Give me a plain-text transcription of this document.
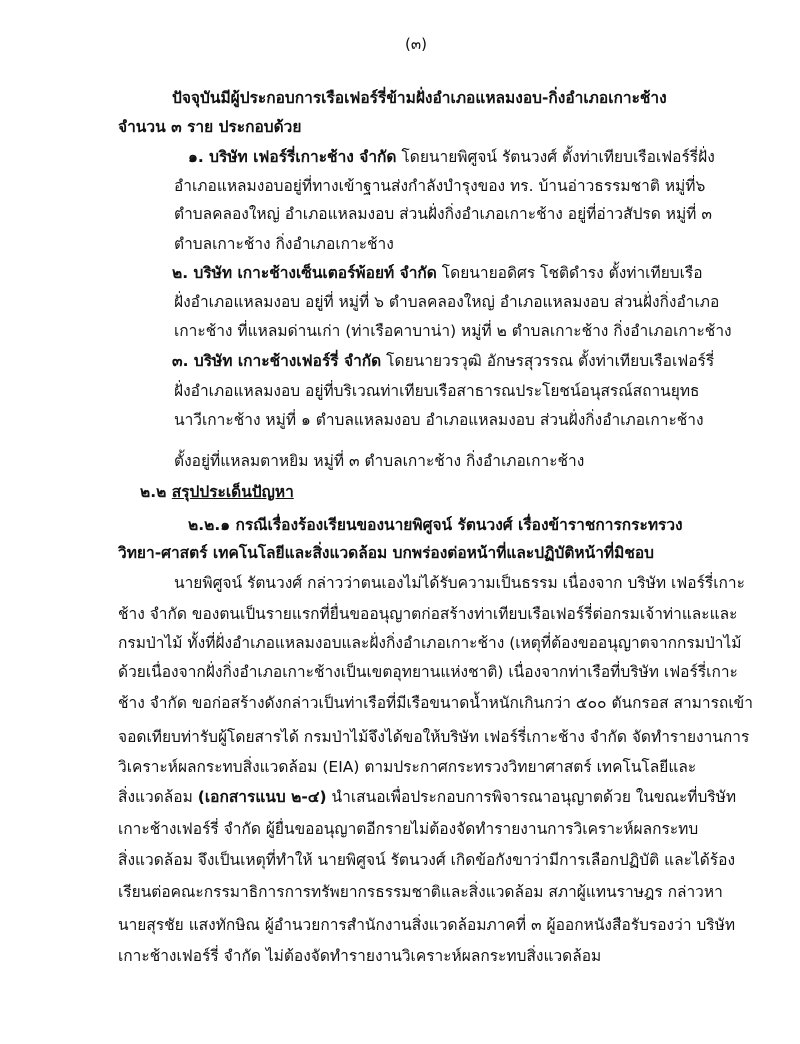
(๓)
ปัจจุบันมีผู้ประกอบการเรือเฟอร์รี่ข้ามฝั่งอำเภอแหลมงอบ-กิ่งอำเภอเกาะช้าง
จำนวน ๓ ราย ประกอบด้วย
๑. บริษัท เฟอร์รี่เกาะช้าง จำกัด โดยนายพิศูจน์ รัตนวงศ์ ตั้งท่าเทียบเรือเฟอร์รี่ฝั่ง
อำเภอแหลมงอบอยู่ที่ทางเข้าฐานส่งกำลังบำรุงของ ทร. บ้านอ่าวธรรมชาติ หมู่ที่๖
ตำบลคลองใหญ่ อำเภอแหลมงอบ ส่วนฝั่งกิ่งอำเภอเกาะช้าง อยู่ที่อ่าวสัปรด หมู่ที่ ๓
ตำบลเกาะช้าง กิ่งอำเภอเกาะช้าง
๒. บริษัท เกาะช้างเซ็นเตอร์พ้อยท์ จำกัด โดยนายอดิศร โชติดำรง ตั้งท่าเทียบเรือ
ฝั่งอำเภอแหลมงอบ อยู่ที่ หมู่ที่ ๖ ตำบลคลองใหญ่ อำเภอแหลมงอบ ส่วนฝั่งกิ่งอำเภอ
เกาะช้าง ที่แหลมด่านเก่า (ท่าเรือคาบาน่า) หมู่ที่ ๒ ตำบลเกาะช้าง กิ่งอำเภอเกาะช้าง
๓. บริษัท เกาะช้างเฟอร์รี่ จำกัด โดยนายวรวุฒิ อักษรสุวรรณ ตั้งท่าเทียบเรือเฟอร์รี่
ฝั่งอำเภอแหลมงอบ อยู่ที่บริเวณท่าเทียบเรือสาธารณประโยชน์อนุสรณ์สถานยุทธ
นาวีเกาะช้าง หมู่ที่ ๑ ตำบลแหลมงอบ อำเภอแหลมงอบ ส่วนฝั่งกิ่งอำเภอเกาะช้าง
ตั้งอยู่ที่แหลมตาหยิม หมู่ที่ ๓ ตำบลเกาะช้าง กิ่งอำเภอเกาะช้าง
๒.๒ สรุปประเด็นปัญหา
๒.๒.๑ กรณีเรื่องร้องเรียนของนายพิศูจน์ รัตนวงศ์ เรื่องข้าราชการกระทรวง
วิทยา-ศาสตร์ เทคโนโลยีและสิ่งแวดล้อม บกพร่องต่อหน้าที่และปฏิบัติหน้าที่มิชอบ
นายพิศูจน์ รัตนวงศ์ กล่าวว่าตนเองไม่ได้รับความเป็นธรรม เนื่องจาก บริษัท เฟอร์รี่เกาะ
ช้าง จำกัด ของตนเป็นรายแรกที่ยื่นขออนุญาตก่อสร้างท่าเทียบเรือเฟอร์รี่ต่อกรมเจ้าท่าและและ
กรมป่าไม้ ทั้งที่ฝั่งอำเภอแหลมงอบและฝั่งกิ่งอำเภอเกาะช้าง (เหตุที่ต้องขออนุญาตจากกรมป่าไม้
ด้วยเนื่องจากฝั่งกิ่งอำเภอเกาะช้างเป็นเขตอุทยานแห่งชาติ) เนื่องจากท่าเรือที่บริษัท เฟอร์รี่เกาะ
ช้าง จำกัด ขอก่อสร้างดังกล่าวเป็นท่าเรือที่มีเรือขนาดน้ำหนักเกินกว่า ๕๐๐ ตันกรอส สามารถเข้า
จอดเทียบท่ารับผู้โดยสารได้ กรมป่าไม้จึงได้ขอให้บริษัท เฟอร์รี่เกาะช้าง จำกัด จัดทำรายงานการ
วิเคราะห์ผลกระทบสิ่งแวดล้อม (EIA) ตามประกาศกระทรวงวิทยาศาสตร์ เทคโนโลยีและ
สิ่งแวดล้อม (เอกสารแนบ ๒-๔) นำเสนอเพื่อประกอบการพิจารณาอนุญาตด้วย ในขณะที่บริษัท
เกาะช้างเฟอร์รี่ จำกัด ผู้ยื่นขออนุญาตอีกรายไม่ต้องจัดทำรายงานการวิเคราะห์ผลกระทบ
สิ่งแวดล้อม จึงเป็นเหตุที่ทำให้ นายพิศูจน์ รัตนวงศ์ เกิดข้อกังขาว่ามีการเลือกปฏิบัติ และได้ร้อง
เรียนต่อคณะกรรมาธิการการทรัพยากรธรรมชาติและสิ่งแวดล้อม สภาผู้แทนราษฎร กล่าวหา
นายสุรชัย แสงทักษิณ ผู้อำนวยการสำนักงานสิ่งแวดล้อมภาคที่ ๓ ผู้ออกหนังสือรับรองว่า บริษัท
เกาะช้างเฟอร์รี่ จำกัด ไม่ต้องจัดทำรายงานวิเคราะห์ผลกระทบสิ่งแวดล้อม
